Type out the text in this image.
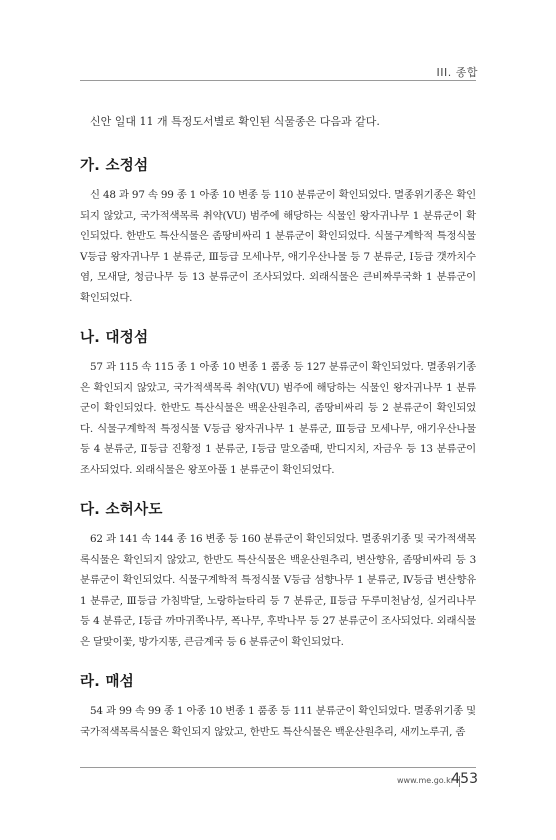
III. 종합

신안 일대 11 개 특정도서별로 확인된 식물종은 다음과 같다.

가. 소정섬

신 48 과 97 속 99 종 1 아종 10 변종 등 110 분류군이 확인되었다. 멸종위기종은 확인되지 않았고, 국가적색목록 취약(VU) 범주에 해당하는 식물인 왕자귀나무 1 분류군이 확인되었다. 한반도 특산식물은 좀땅비싸리 1 분류군이 확인되었다. 식물구계학적 특정식물 V등급 왕자귀나무 1 분류군, Ⅲ등급 모세나무, 애기우산나물 등 7 분류군, Ⅰ등급 갯까치수염, 모새달, 청금나무 등 13 분류군이 조사되었다. 외래식물은 큰비짜루국화 1 분류군이 확인되었다.

나. 대정섬

57 과 115 속 115 종 1 아종 10 변종 1 품종 등 127 분류군이 확인되었다. 멸종위기종은 확인되지 않았고, 국가적색목록 취약(VU) 범주에 해당하는 식물인 왕자귀나무 1 분류군이 확인되었다. 한반도 특산식물은 백운산원추리, 좀땅비싸리 등 2 분류군이 확인되었다. 식물구계학적 특정식물 V등급 왕자귀나무 1 분류군, Ⅲ등급 모세나무, 애기우산나물 등 4 분류군, Ⅱ등급 진황정 1 분류군, Ⅰ등급 말오줌때, 반디지치, 자금우 등 13 분류군이 조사되었다. 외래식물은 왕포아풀 1 분류군이 확인되었다.

다. 소허사도

62 과 141 속 144 종 16 변종 등 160 분류군이 확인되었다. 멸종위기종 및 국가적색목록식물은 확인되지 않았고, 한반도 특산식물은 백운산원추리, 변산향유, 좀땅비싸리 등 3 분류군이 확인되었다. 식물구계학적 특정식물 V등급 섬향나무 1 분류군, Ⅳ등급 변산향유 1 분류군, Ⅲ등급 가침박달, 노랑하늘타리 등 7 분류군, Ⅱ등급 두루미천남성, 실거리나무 등 4 분류군, Ⅰ등급 까마귀쪽나무, 폭나무, 후박나무 등 27 분류군이 조사되었다. 외래식물은 달맞이꽃, 방가지똥, 큰금계국 등 6 분류군이 확인되었다.

라. 매섬

54 과 99 속 99 종 1 아종 10 변종 1 품종 등 111 분류군이 확인되었다. 멸종위기종 및 국가적색목록식물은 확인되지 않았고, 한반도 특산식물은 백운산원추리, 새끼노루귀, 좀

www.me.go.kr
453
